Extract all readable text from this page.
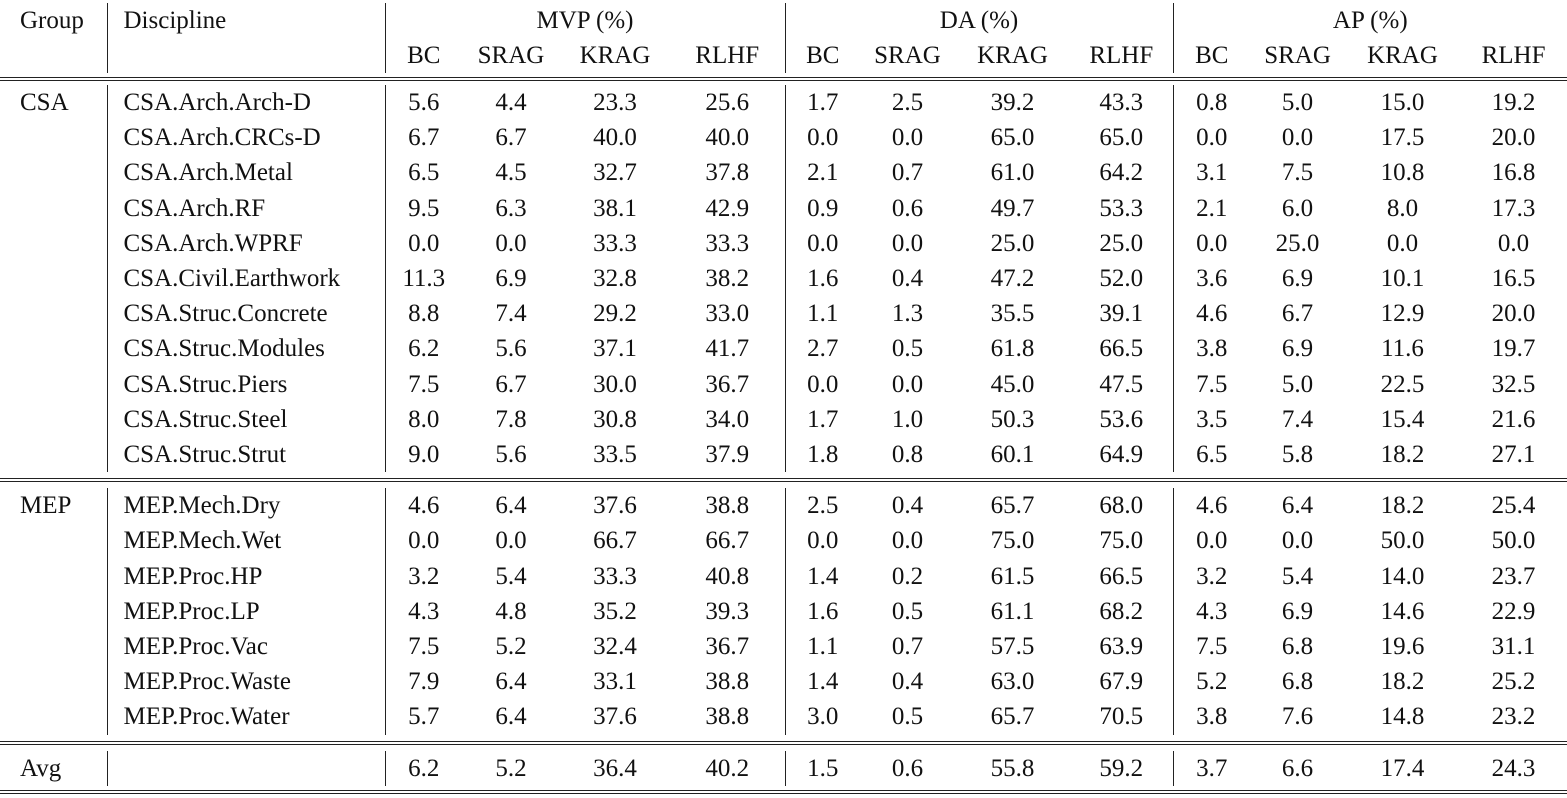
Group	Discipline	MVP (%)				DA (%)				AP (%)			
		BC	SRAG	KRAG	RLHF	BC	SRAG	KRAG	RLHF	BC	SRAG	KRAG	RLHF

CSA	CSA.Arch.Arch-D	5.6	4.4	23.3	25.6	1.7	2.5	39.2	43.3	0.8	5.0	15.0	19.2
	CSA.Arch.CRCs-D	6.7	6.7	40.0	40.0	0.0	0.0	65.0	65.0	0.0	0.0	17.5	20.0
	CSA.Arch.Metal	6.5	4.5	32.7	37.8	2.1	0.7	61.0	64.2	3.1	7.5	10.8	16.8
	CSA.Arch.RF	9.5	6.3	38.1	42.9	0.9	0.6	49.7	53.3	2.1	6.0	8.0	17.3
	CSA.Arch.WPRF	0.0	0.0	33.3	33.3	0.0	0.0	25.0	25.0	0.0	25.0	0.0	0.0
	CSA.Civil.Earthwork	11.3	6.9	32.8	38.2	1.6	0.4	47.2	52.0	3.6	6.9	10.1	16.5
	CSA.Struc.Concrete	8.8	7.4	29.2	33.0	1.1	1.3	35.5	39.1	4.6	6.7	12.9	20.0
	CSA.Struc.Modules	6.2	5.6	37.1	41.7	2.7	0.5	61.8	66.5	3.8	6.9	11.6	19.7
	CSA.Struc.Piers	7.5	6.7	30.0	36.7	0.0	0.0	45.0	47.5	7.5	5.0	22.5	32.5
	CSA.Struc.Steel	8.0	7.8	30.8	34.0	1.7	1.0	50.3	53.6	3.5	7.4	15.4	21.6
	CSA.Struc.Strut	9.0	5.6	33.5	37.9	1.8	0.8	60.1	64.9	6.5	5.8	18.2	27.1

MEP	MEP.Mech.Dry	4.6	6.4	37.6	38.8	2.5	0.4	65.7	68.0	4.6	6.4	18.2	25.4
	MEP.Mech.Wet	0.0	0.0	66.7	66.7	0.0	0.0	75.0	75.0	0.0	0.0	50.0	50.0
	MEP.Proc.HP	3.2	5.4	33.3	40.8	1.4	0.2	61.5	66.5	3.2	5.4	14.0	23.7
	MEP.Proc.LP	4.3	4.8	35.2	39.3	1.6	0.5	61.1	68.2	4.3	6.9	14.6	22.9
	MEP.Proc.Vac	7.5	5.2	32.4	36.7	1.1	0.7	57.5	63.9	7.5	6.8	19.6	31.1
	MEP.Proc.Waste	7.9	6.4	33.1	38.8	1.4	0.4	63.0	67.9	5.2	6.8	18.2	25.2
	MEP.Proc.Water	5.7	6.4	37.6	38.8	3.0	0.5	65.7	70.5	3.8	7.6	14.8	23.2

Avg		6.2	5.2	36.4	40.2	1.5	0.6	55.8	59.2	3.7	6.6	17.4	24.3
